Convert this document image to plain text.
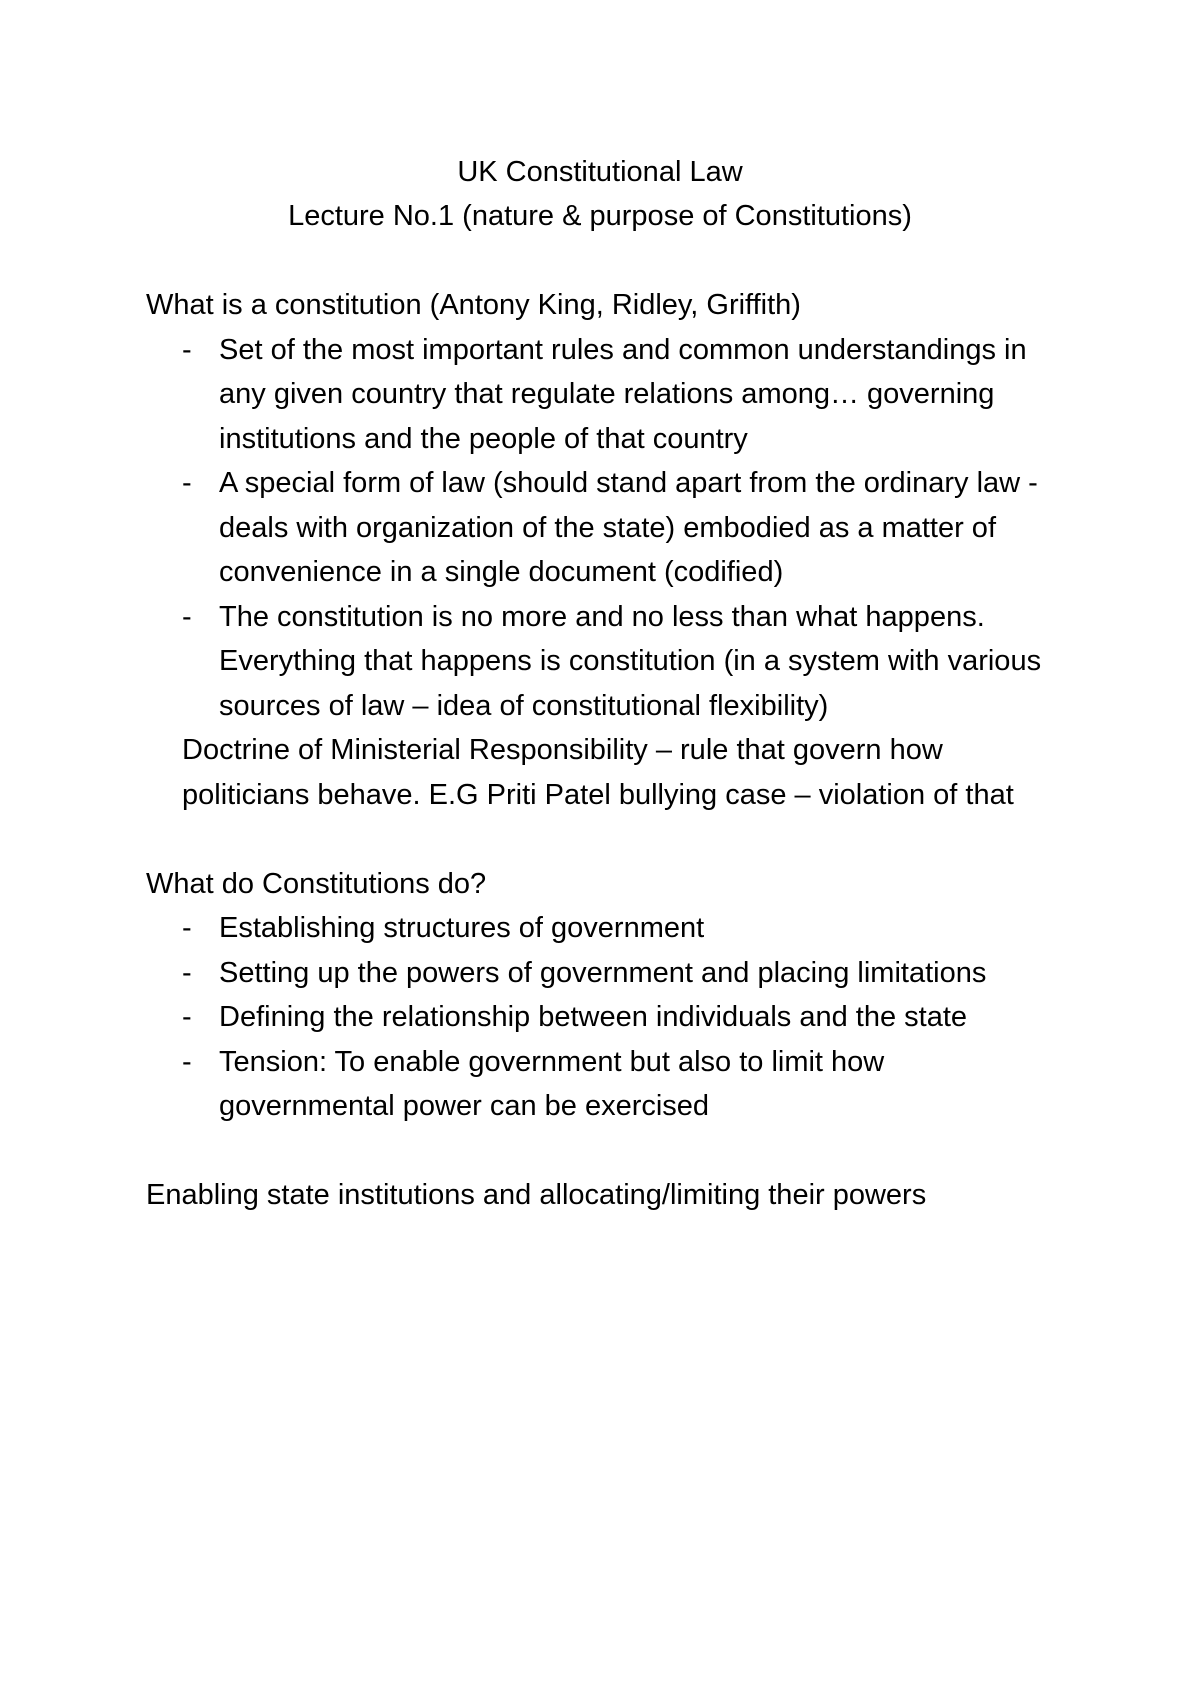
UK Constitutional Law
Lecture No.1 (nature & purpose of Constitutions)
What is a constitution (Antony King, Ridley, Griffith)
- Set of the most important rules and common understandings in any given country that regulate relations among… governing institutions and the people of that country
- A special form of law (should stand apart from the ordinary law - deals with organization of the state) embodied as a matter of convenience in a single document (codified)
- The constitution is no more and no less than what happens. Everything that happens is constitution (in a system with various sources of law – idea of constitutional flexibility)
Doctrine of Ministerial Responsibility – rule that govern how politicians behave. E.G Priti Patel bullying case – violation of that
What do Constitutions do?
- Establishing structures of government
- Setting up the powers of government and placing limitations
- Defining the relationship between individuals and the state
- Tension: To enable government but also to limit how governmental power can be exercised
Enabling state institutions and allocating/limiting their powers
